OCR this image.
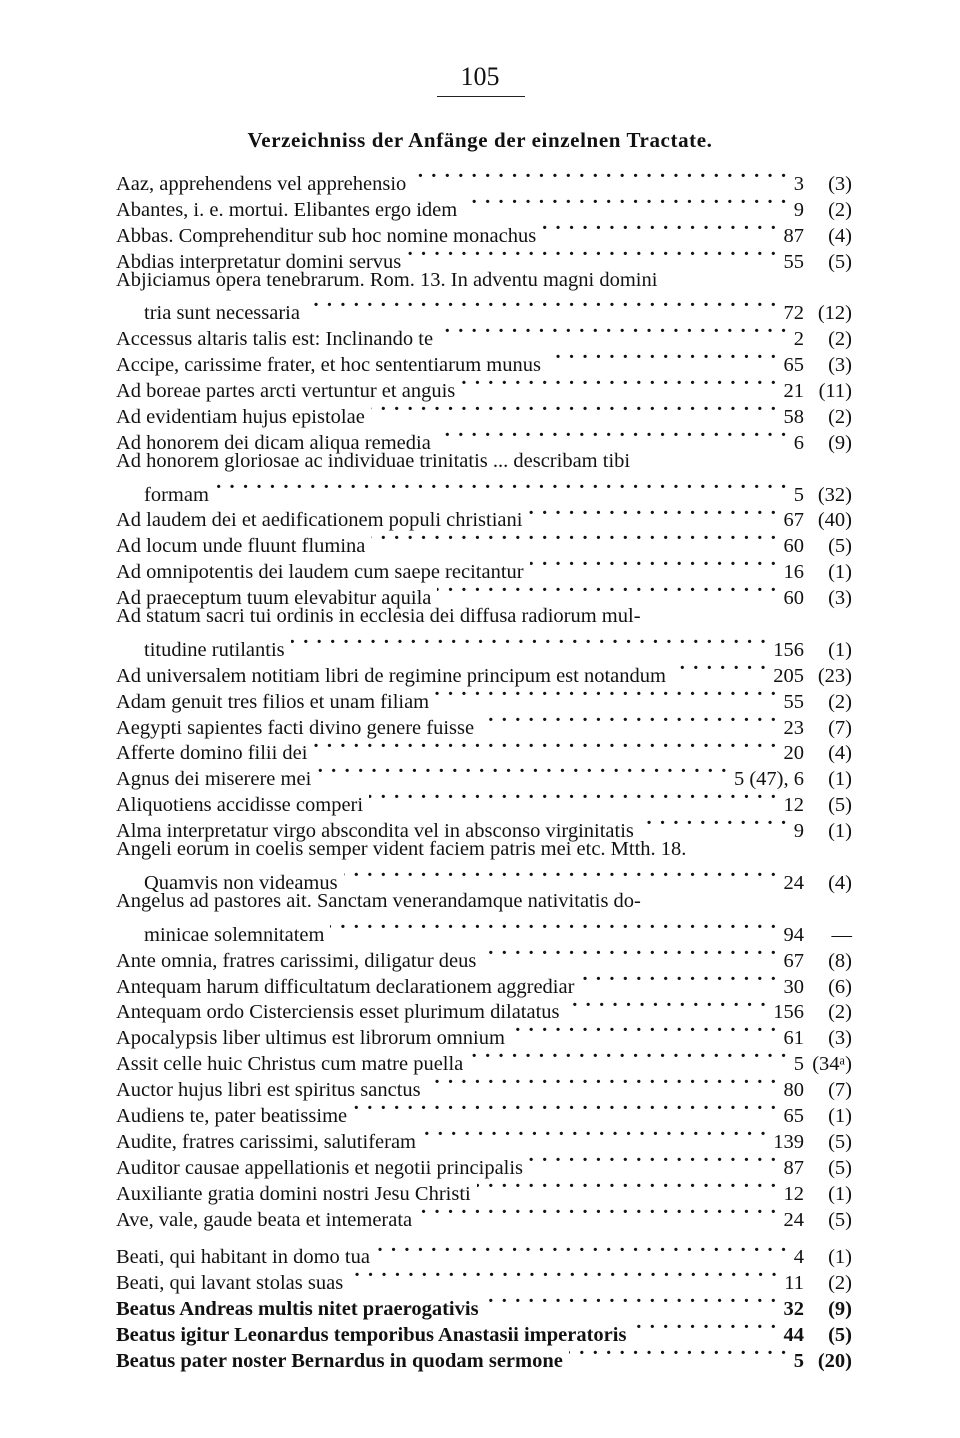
105
Verzeichniss der Anfänge der einzelnen Tractate.
Aaz, apprehendens vel apprehensio . . .	3	(3)
Abantes, i. e. mortui. Elibantes ergo idem . . .	9	(2)
Abbas. Comprehenditur sub hoc nomine monachus . . .	87	(4)
Abdias interpretatur domini servus . . .	55	(5)
Abjiciamus opera tenebrarum. Rom. 13. In adventu magni domini
tria sunt necessaria . . .	72 (12)
Accessus altaris talis est: Inclinando te . . .	2	(2)
Accipe, carissime frater, et hoc sententiarum munus . . .	65	(3)
Ad boreae partes arcti vertuntur et anguis . . .	21 (11)
Ad evidentiam hujus epistolae . . .	58	(2)
Ad honorem dei dicam aliqua remedia . . .	6	(9)
Ad honorem gloriosae ac individuae trinitatis ... describam tibi
formam . . .	5 (32)
Ad laudem dei et aedificationem populi christiani . . .	67 (40)
Ad locum unde fluunt flumina . . .	60	(5)
Ad omnipotentis dei laudem cum saepe recitantur . . .	16	(1)
Ad praeceptum tuum elevabitur aquila . . .	60	(3)
Ad statum sacri tui ordinis in ecclesia dei diffusa radiorum mul-
titudine rutilantis . . .	156	(1)
Ad universalem notitiam libri de regimine principum est notandum . . .	205 (23)
Adam genuit tres filios et unam filiam . . .	55	(2)
Aegypti sapientes facti divino genere fuisse . . .	23	(7)
Afferte domino filii dei . . .	20	(4)
Agnus dei miserere mei . . .	5 (47), 6	(1)
Aliquotiens accidisse comperi . . .	12	(5)
Alma interpretatur virgo abscondita vel in absconso virginitatis . . .	9	(1)
Angeli eorum in coelis semper vident faciem patris mei etc. Mtth. 18.
Quamvis non videamus . . .	24	(4)
Angelus ad pastores ait. Sanctam venerandamque nativitatis do-
minicae solemnitatem . . .	94	—
Ante omnia, fratres carissimi, diligatur deus . . .	67	(8)
Antequam harum difficultatum declarationem aggrediar . . .	30	(6)
Antequam ordo Cisterciensis esset plurimum dilatatus . . .	156	(2)
Apocalypsis liber ultimus est librorum omnium . . .	61	(3)
Assit celle huic Christus cum matre puella . . .	5 (34ᵃ)
Auctor hujus libri est spiritus sanctus . . .	80	(7)
Audiens te, pater beatissime . . .	65	(1)
Audite, fratres carissimi, salutiferam . . .	139	(5)
Auditor causae appellationis et negotii principalis . . .	87	(5)
Auxiliante gratia domini nostri Jesu Christi . . .	12	(1)
Ave, vale, gaude beata et intemerata . . .	24	(5)
Beati, qui habitant in domo tua . . .	4	(1)
Beati, qui lavant stolas suas . . .	11	(2)
Beatus Andreas multis nitet praerogativis . . .	32	(9)
Beatus igitur Leonardus temporibus Anastasii imperatoris . . .	44	(5)
Beatus pater noster Bernardus in quodam sermone . . .	5 (20)
